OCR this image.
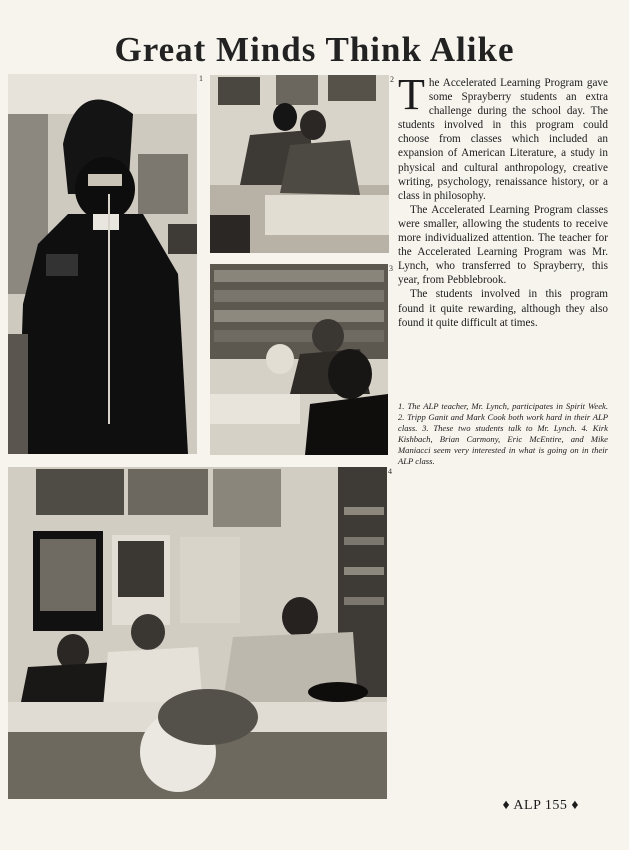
Great Minds Think Alike
1	2
3
4

The Accelerated Learning Program gave some Sprayberry students an extra challenge during the school day. The students involved in this program could choose from classes which included an expansion of American Literature, a study in physical and cultural anthropology, creative writing, psychology, renaissance history, or a class in philosophy.

The Accelerated Learning Program classes were smaller, allowing the students to receive more individualized attention. The teacher for the Accelerated Learning Program was Mr. Lynch, who transferred to Sprayberry, this year, from Pebblebrook.

The students involved in this program found it quite rewarding, although they also found it quite difficult at times.

1. The ALP teacher, Mr. Lynch, participates in Spirit Week. 2. Tripp Ganit and Mark Cook both work hard in their ALP class. 3. These two students talk to Mr. Lynch. 4. Kirk Kishbach, Brian Carmony, Eric McEntire, and Mike Maniacci seem very interested in what is going on in their ALP class.
♦ ALP 155 ♦
